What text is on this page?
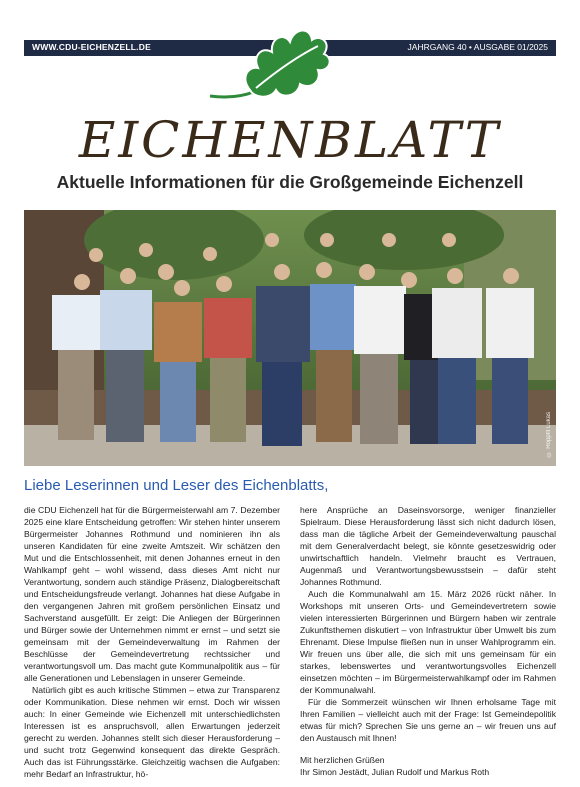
WWW.CDU-EICHENZELL.DE	JAHRGANG 40 • AUSGABE 01/2025
EICHENBLATT
Aktuelle Informationen für die Großgemeinde Eichenzell
© Hoppfit Lukas
Liebe Leserinnen und Leser des Eichenblatts,

die CDU Eichenzell hat für die Bürgermeisterwahl am 7. Dezember 2025 eine klare Entscheidung getroffen: Wir stehen hinter unserem Bürgermeister Johannes Rothmund und nominieren ihn als unseren Kandidaten für eine zweite Amtszeit. Wir schätzen den Mut und die Entschlossenheit, mit denen Johannes erneut in den Wahlkampf geht – wohl wissend, dass dieses Amt nicht nur Verantwortung, sondern auch ständige Präsenz, Dialogbereitschaft und Entscheidungsfreude verlangt. Johannes hat diese Aufgabe in den vergangenen Jahren mit großem persönlichen Einsatz und Sachverstand ausgefüllt. Er zeigt: Die Anliegen der Bürgerinnen und Bürger sowie der Unternehmen nimmt er ernst – und setzt sie gemeinsam mit der Gemeindeverwaltung im Rahmen der Beschlüsse der Gemeindevertretung rechtssicher und verantwortungsvoll um. Das macht gute Kommunalpolitik aus – für alle Generationen und Lebenslagen in unserer Gemeinde.

Natürlich gibt es auch kritische Stimmen – etwa zur Transparenz oder Kommunikation. Diese nehmen wir ernst. Doch wir wissen auch: In einer Gemeinde wie Eichenzell mit unterschiedlichsten Interessen ist es anspruchsvoll, allen Erwartungen jederzeit gerecht zu werden. Johannes stellt sich dieser Herausforderung – und sucht trotz Gegenwind konsequent das direkte Gespräch. Auch das ist Führungsstärke. Gleichzeitig wachsen die Aufgaben: mehr Bedarf an Infrastruktur, hö-

here Ansprüche an Daseinsvorsorge, weniger finanzieller Spielraum. Diese Herausforderung lässt sich nicht dadurch lösen, dass man die tägliche Arbeit der Gemeindeverwaltung pauschal mit dem Generalverdacht belegt, sie könnte gesetzeswidrig oder unwirtschaftlich handeln. Vielmehr braucht es Vertrauen, Augenmaß und Verantwortungsbewusstsein – dafür steht Johannes Rothmund.

Auch die Kommunalwahl am 15. März 2026 rückt näher. In Workshops mit unseren Orts- und Gemeindevertretern sowie vielen interessierten Bürgerinnen und Bürgern haben wir zentrale Zukunftsthemen diskutiert – von Infrastruktur über Umwelt bis zum Ehrenamt. Diese Impulse fließen nun in unser Wahlprogramm ein. Wir freuen uns über alle, die sich mit uns gemeinsam für ein starkes, lebenswertes und verantwortungsvolles Eichenzell einsetzen möchten – im Bürgermeisterwahlkampf oder im Rahmen der Kommunalwahl.

Für die Sommerzeit wünschen wir Ihnen erholsame Tage mit Ihren Familien – vielleicht auch mit der Frage: Ist Gemeindepolitik etwas für mich? Sprechen Sie uns gerne an – wir freuen uns auf den Austausch mit Ihnen!

Mit herzlichen Grüßen

Ihr Simon Jestädt, Julian Rudolf und Markus Roth
